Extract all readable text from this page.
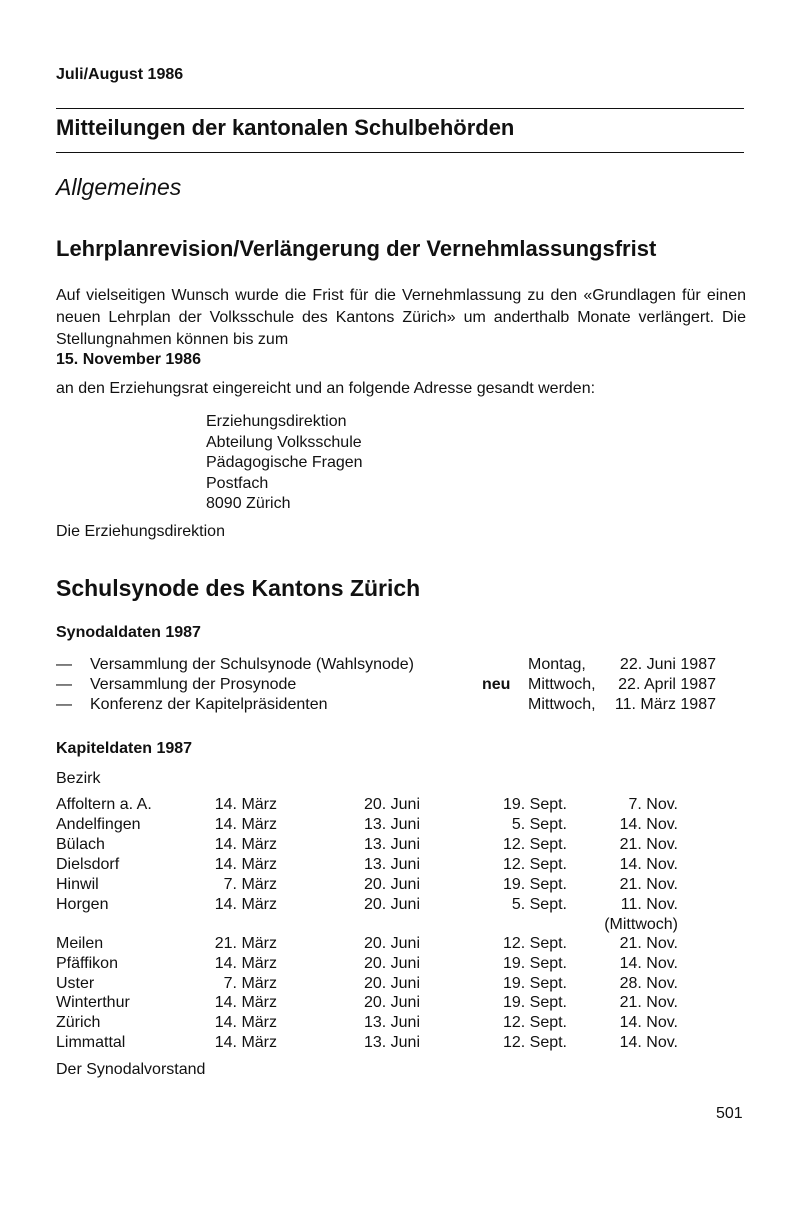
Juli/August 1986
Mitteilungen der kantonalen Schulbehörden
Allgemeines
Lehrplanrevision/Verlängerung der Vernehmlassungsfrist
Auf vielseitigen Wunsch wurde die Frist für die Vernehmlassung zu den «Grundlagen für einen neuen Lehrplan der Volksschule des Kantons Zürich» um anderthalb Monate verlängert. Die Stellungnahmen können bis zum
15. November 1986
an den Erziehungsrat eingereicht und an folgende Adresse gesandt werden:
Erziehungsdirektion
Abteilung Volksschule
Pädagogische Fragen
Postfach
8090 Zürich
Die Erziehungsdirektion
Schulsynode des Kantons Zürich
Synodaldaten 1987
— Versammlung der Schulsynode (Wahlsynode)	Montag, 22. Juni 1987
— Versammlung der Prosynode	neu Mittwoch, 22. April 1987
— Konferenz der Kapitelpräsidenten	Mittwoch, 11. März 1987
Kapiteldaten 1987
Bezirk
Affoltern a. A.	14. März	20. Juni	19. Sept.	7. Nov.
Andelfingen	14. März	13. Juni	5. Sept.	14. Nov.
Bülach	14. März	13. Juni	12. Sept.	21. Nov.
Dielsdorf	14. März	13. Juni	12. Sept.	14. Nov.
Hinwil	7. März	20. Juni	19. Sept.	21. Nov.
Horgen	14. März	20. Juni	5. Sept.	11. Nov.
(Mittwoch)
Meilen	21. März	20. Juni	12. Sept.	21. Nov.
Pfäffikon	14. März	20. Juni	19. Sept.	14. Nov.
Uster	7. März	20. Juni	19. Sept.	28. Nov.
Winterthur	14. März	20. Juni	19. Sept.	21. Nov.
Zürich	14. März	13. Juni	12. Sept.	14. Nov.
Limmattal	14. März	13. Juni	12. Sept.	14. Nov.
Der Synodalvorstand
501
